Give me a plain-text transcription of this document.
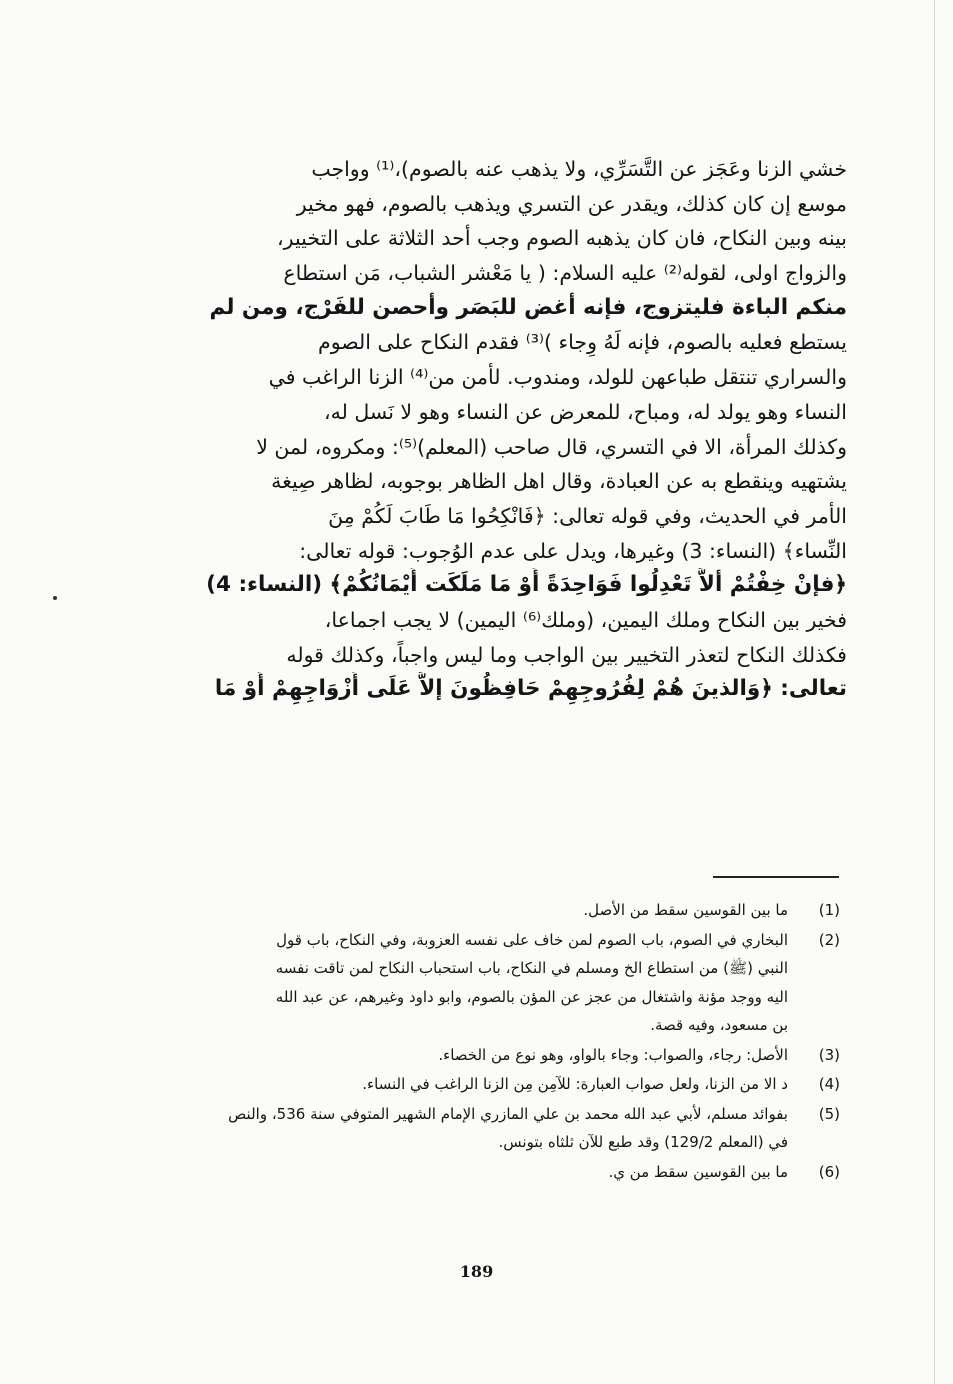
خشي الزنا وعَجَز عن التَّسَرِّي، ولا يذهب عنه بالصوم)،⁽¹⁾ وواجب
موسع إن كان كذلك، ويقدر عن التسري ويذهب بالصوم، فهو مخير
بينه وبين النكاح، فان كان يذهبه الصوم وجب أحد الثلاثة على التخيير،
والزواج اولى، لقوله⁽²⁾ عليه السلام: ( يا مَعْشر الشباب، مَن استطاع
منكم الباءة فليتزوج، فإنه أغض للبَصَر وأحصن للفَرْج، ومن لم
يستطع فعليه بالصوم، فإنه لَهُ وِجاء )⁽³⁾ فقدم النكاح على الصوم
والسراري تنتقل طباعهن للولد، ومندوب. لأمن من⁽⁴⁾ الزنا الراغب في
النساء وهو يولد له، ومباح، للمعرض عن النساء وهو لا نَسل له،
وكذلك المرأة، الا في التسري، قال صاحب (المعلم)⁽⁵⁾: ومكروه، لمن لا
يشتهيه وينقطع به عن العبادة، وقال اهل الظاهر بوجوبه، لظاهر صِيغة
الأمر في الحديث، وفي قوله تعالى: ﴿فَانْكِحُوا مَا طَابَ لَكُمْ مِنَ
النِّساء﴾ (النساء: 3) وغيرها، ويدل على عدم الوُجوب: قوله تعالى:
﴿فإنْ خِفْتُمْ ألاَّ تَعْدِلُوا فَوَاحِدَةً أَوْ مَا مَلَكَت أَيْمَانُكُمْ﴾ (النساء: 4)
فخير بين النكاح وملك اليمين، (وملك⁽⁶⁾ اليمين) لا يجب اجماعا،
فكذلك النكاح لتعذر التخيير بين الواجب وما ليس واجباً، وكذلك قوله
تعالى: ﴿وَالذينَ هُمْ لِفُرُوجِهِمْ حَافِظُونَ إلاَّ عَلَى أَزْوَاجِهِمْ أَوْ مَا
(1)
ما بين القوسين سقط من الأصل.
(2)
البخاري في الصوم، باب الصوم لمن خاف على نفسه العزوبة، وفي النكاح، باب قول
النبي (ﷺ) من استطاع الخ ومسلم في النكاح، باب استحباب النكاح لمن تاقت نفسه
اليه ووجد مؤنة واشتغال من عجز عن المؤن بالصوم، وابو داود وغيرهم، عن عبد الله
بن مسعود، وفيه قصة.
(3)
الأصل: رجاء، والصواب: وجاء بالواو، وهو نوع من الخصاء.
(4)
د الا من الزنا، ولعل صواب العبارة: للآمِن مِن الزنا الراغب في النساء.
(5)
بفوائد مسلم، لأبي عبد الله محمد بن علي المازري الإمام الشهير المتوفي سنة 536، والنص
في (المعلم 129/2) وقد طبع للآن ثلثاه بتونس.
(6)
ما بين القوسين سقط من ي.
189
